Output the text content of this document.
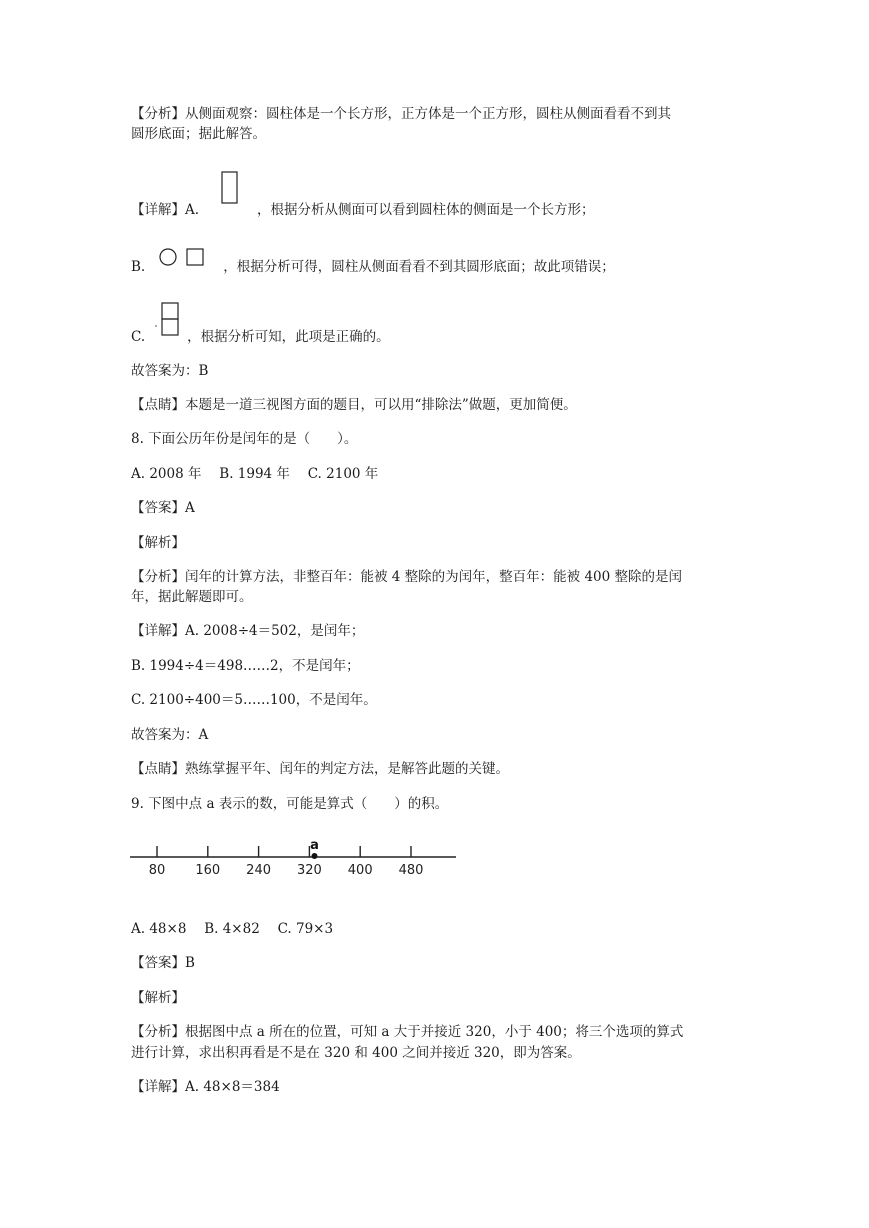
【分析】从侧面观察：圆柱体是一个长方形，正方体是一个正方形，圆柱从侧面看看不到其
圆形底面；据此解答。
【详解】A.	，根据分析从侧面可以看到圆柱体的侧面是一个长方形；
B.	，根据分析可得，圆柱从侧面看看不到其圆形底面；故此项错误；
C.	，根据分析可知，此项是正确的。
故答案为：B
【点睛】本题是一道三视图方面的题目，可以用“排除法”做题，更加简便。
8. 下面公历年份是闰年的是（　　）。
A. 2008 年　 B. 1994 年　 C. 2100 年
【答案】A
【解析】
【分析】闰年的计算方法，非整百年：能被 4 整除的为闰年，整百年：能被 400 整除的是闰
年，据此解题即可。
【详解】A. 2008÷4＝502，是闰年；
B. 1994÷4＝498……2，不是闰年；
C. 2100÷400＝5……100，不是闰年。
故答案为：A
【点睛】熟练掌握平年、闰年的判定方法，是解答此题的关键。
9. 下图中点 a 表示的数，可能是算式（　　）的积。
80 160 240 320 400 480
a
A. 48×8　 B. 4×82　 C. 79×3
【答案】B
【解析】
【分析】根据图中点 a 所在的位置，可知 a 大于并接近 320，小于 400；将三个选项的算式
进行计算，求出积再看是不是在 320 和 400 之间并接近 320，即为答案。
【详解】A. 48×8＝384
